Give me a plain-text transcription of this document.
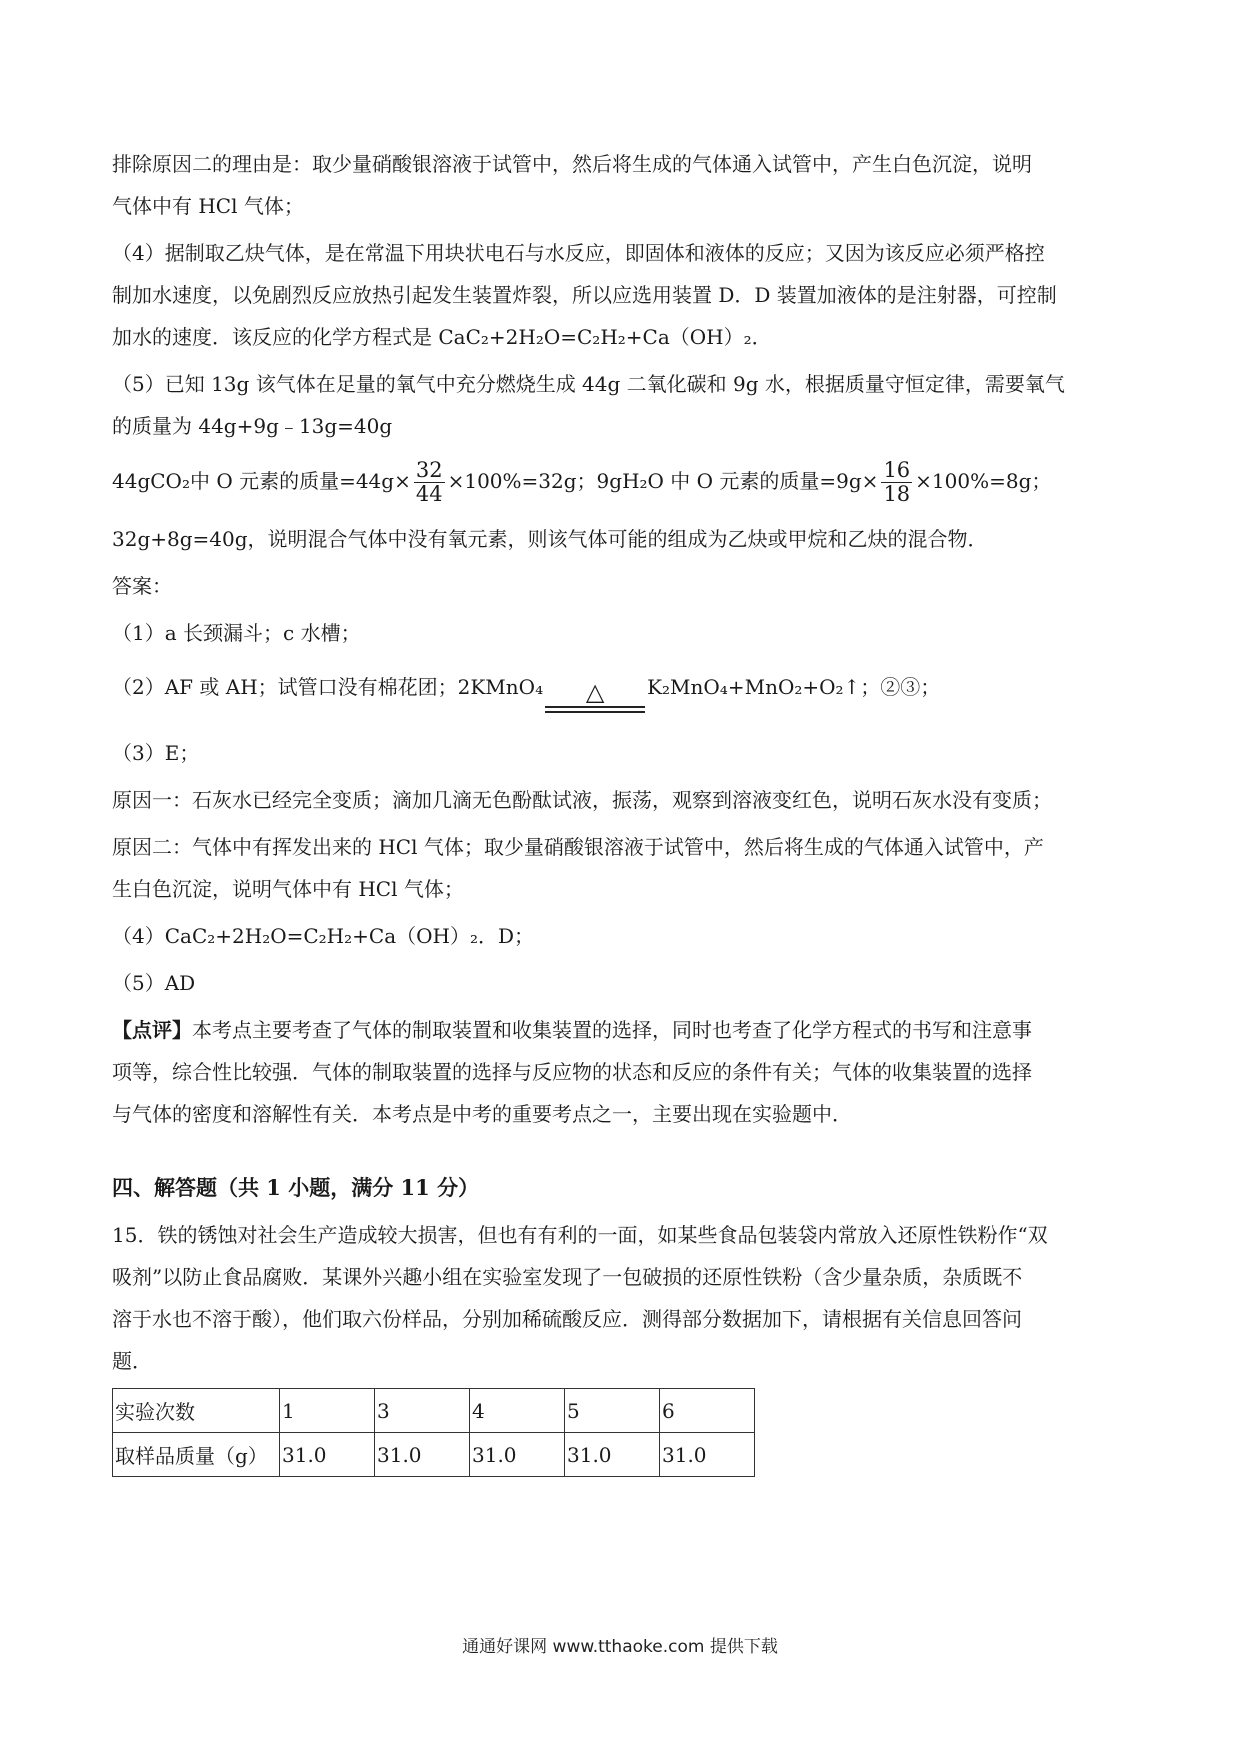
排除原因二的理由是：取少量硝酸银溶液于试管中，然后将生成的气体通入试管中，产生白色沉淀，说明
气体中有 HCl 气体；
（4）据制取乙炔气体，是在常温下用块状电石与水反应，即固体和液体的反应；又因为该反应必须严格控
制加水速度，以免剧烈反应放热引起发生装置炸裂，所以应选用装置 D．D 装置加液体的是注射器，可控制
加水的速度．该反应的化学方程式是 CaC₂+2H₂O=C₂H₂+Ca（OH）₂．
（5）已知 13g 该气体在足量的氧气中充分燃烧生成 44g 二氧化碳和 9g 水，根据质量守恒定律，需要氧气
的质量为 44g+9g﹣13g=40g
44gCO₂中 O 元素的质量$=44g\times \frac{32}{44} \times 100\%=32g$；9gH₂O 中 O 元素的质量$=9g\times \frac{16}{18} \times 100\%=8g$；
32g+8g=40g，说明混合气体中没有氧元素，则该气体可能的组成为乙炔或甲烷和乙炔的混合物．
答案：
（1）a 长颈漏斗；c 水槽；
（2）AF 或 AH；试管口没有棉花团；2KMnO₄ △ K₂MnO₄+MnO₂+O₂↑；②③；
（3）E；
原因一：石灰水已经完全变质；滴加几滴无色酚酞试液，振荡，观察到溶液变红色，说明石灰水没有变质；
原因二：气体中有挥发出来的 HCl 气体；取少量硝酸银溶液于试管中，然后将生成的气体通入试管中，产
生白色沉淀，说明气体中有 HCl 气体；
（4）CaC₂+2H₂O=C₂H₂+Ca（OH）₂．D；
（5）AD
【点评】本考点主要考查了气体的制取装置和收集装置的选择，同时也考查了化学方程式的书写和注意事
项等，综合性比较强．气体的制取装置的选择与反应物的状态和反应的条件有关；气体的收集装置的选择
与气体的密度和溶解性有关．本考点是中考的重要考点之一，主要出现在实验题中．
四、解答题（共 1 小题，满分 11 分）
15．铁的锈蚀对社会生产造成较大损害，但也有有利的一面，如某些食品包装袋内常放入还原性铁粉作“双
吸剂”以防止食品腐败．某课外兴趣小组在实验室发现了一包破损的还原性铁粉（含少量杂质，杂质既不
溶于水也不溶于酸），他们取六份样品，分别加稀硫酸反应．测得部分数据加下，请根据有关信息回答问
题．
实验次数	1	3	4	5	6
取样品质量（g）	31.0	31.0	31.0	31.0	31.0
通通好课网 www.tthaoke.com 提供下载
